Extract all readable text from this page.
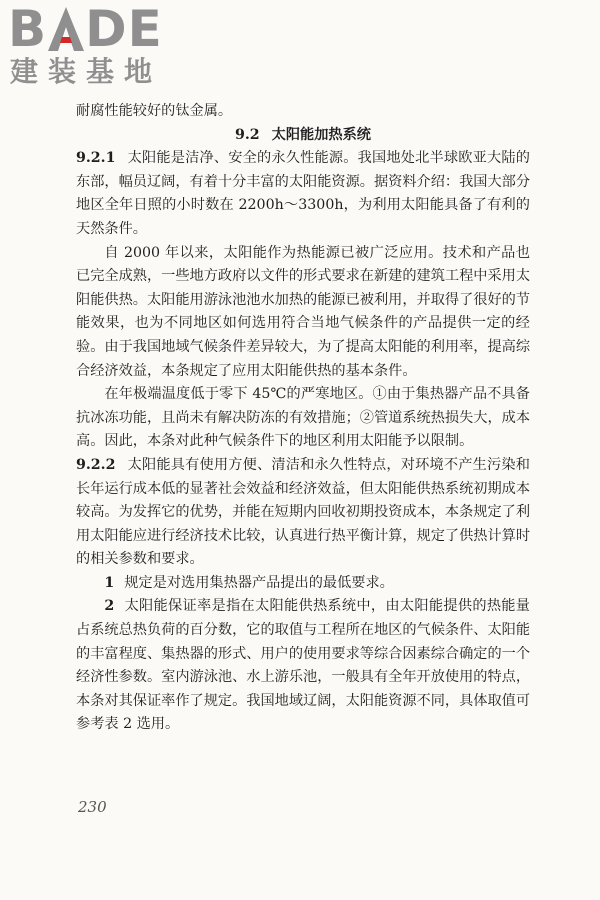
B DE
建装基地

耐腐性能较好的钛金属。

9.2 太阳能加热系统

9.2.1 太阳能是洁净、安全的永久性能源。我国地处北半球欧亚大陆的东部，幅员辽阔，有着十分丰富的太阳能资源。据资料介绍：我国大部分地区全年日照的小时数在 2200h～3300h，为利用太阳能具备了有利的天然条件。

自 2000 年以来，太阳能作为热能源已被广泛应用。技术和产品也已完全成熟，一些地方政府以文件的形式要求在新建的建筑工程中采用太阳能供热。太阳能用游泳池池水加热的能源已被利用，并取得了很好的节能效果，也为不同地区如何选用符合当地气候条件的产品提供一定的经验。由于我国地域气候条件差异较大，为了提高太阳能的利用率，提高综合经济效益，本条规定了应用太阳能供热的基本条件。

在年极端温度低于零下 45℃的严寒地区。①由于集热器产品不具备抗冰冻功能，且尚未有解决防冻的有效措施；②管道系统热损失大，成本高。因此，本条对此种气候条件下的地区利用太阳能予以限制。

9.2.2 太阳能具有使用方便、清洁和永久性特点，对环境不产生污染和长年运行成本低的显著社会效益和经济效益，但太阳能供热系统初期成本较高。为发挥它的优势，并能在短期内回收初期投资成本，本条规定了利用太阳能应进行经济技术比较，认真进行热平衡计算，规定了供热计算时的相关参数和要求。

1 规定是对选用集热器产品提出的最低要求。

2 太阳能保证率是指在太阳能供热系统中，由太阳能提供的热能量占系统总热负荷的百分数，它的取值与工程所在地区的气候条件、太阳能的丰富程度、集热器的形式、用户的使用要求等综合因素综合确定的一个经济性参数。室内游泳池、水上游乐池，一般具有全年开放使用的特点，本条对其保证率作了规定。我国地域辽阔，太阳能资源不同，具体取值可参考表 2 选用。

230
